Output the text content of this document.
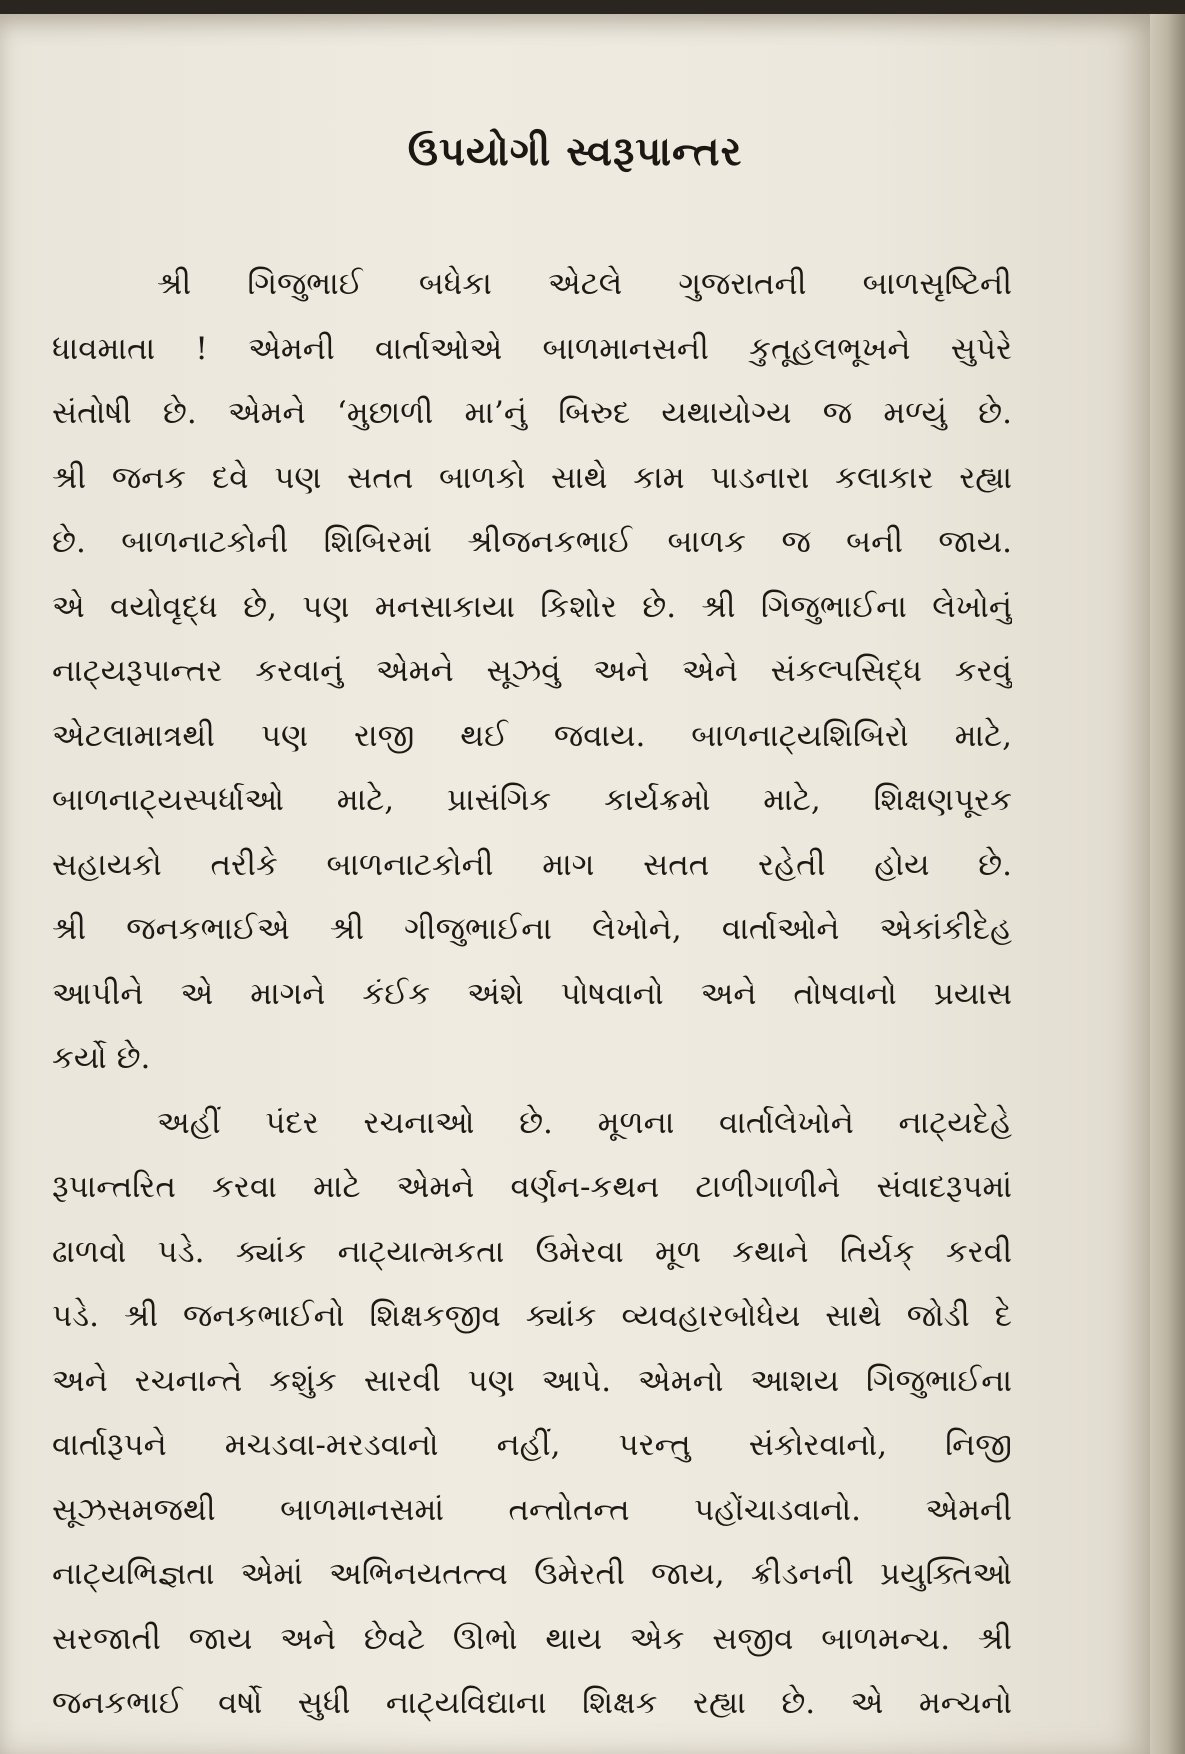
ઉપયોગી સ્વરૂપાન્તર
શ્રી ગિજુભાઈ બધેકા એટલે ગુજરાતની બાળસૃષ્ટિની
ધાવમાતા ! એમની વાર્તાઓએ બાળમાનસની કુતૂહલભૂખને સુપેરે
સંતોષી છે. એમને ‘મુછાળી મા’નું બિરુદ યથાયોગ્ય જ મળ્યું છે.
શ્રી જનક દવે પણ સતત બાળકો સાથે કામ પાડનારા કલાકાર રહ્યા
છે. બાળનાટકોની શિબિરમાં શ્રીજનકભાઈ બાળક જ બની જાય.
એ વયોવૃદ્ધ છે, પણ મનસાકાયા કિશોર છે. શ્રી ગિજુભાઈના લેખોનું
નાટ્યરૂપાન્તર કરવાનું એમને સૂઝવું અને એને સંકલ્પસિદ્ધ કરવું
એટલામાત્રથી પણ રાજી થઈ જવાય. બાળનાટ્યશિબિરો માટે,
બાળનાટ્યસ્પર્ધાઓ માટે, પ્રાસંગિક કાર્યક્રમો માટે, શિક્ષણપૂરક
સહાયકો તરીકે બાળનાટકોની માગ સતત રહેતી હોય છે.
શ્રી જનકભાઈએ શ્રી ગીજુભાઈના લેખોને, વાર્તાઓને એકાંકીદેહ
આપીને એ માગને કંઈક અંશે પોષવાનો અને તોષવાનો પ્રયાસ
કર્યો છે.
અહીં પંદર રચનાઓ છે. મૂળના વાર્તાલેખોને નાટ્યદેહે
રૂપાન્તરિત કરવા માટે એમને વર્ણન-કથન ટાળીગાળીને સંવાદરૂપમાં
ઢાળવો પડે. ક્યાંક નાટ્યાત્મકતા ઉમેરવા મૂળ કથાને તિર્યક્ કરવી
પડે. શ્રી જનકભાઈનો શિક્ષકજીવ ક્યાંક વ્યવહારબોધેય સાથે જોડી દે
અને રચનાન્તે કશુંક સારવી પણ આપે. એમનો આશય ગિજુભાઈના
વાર્તારૂપને મચડવા-મરડવાનો નહીં, પરન્તુ સંકોરવાનો, નિજી
સૂઝસમજથી બાળમાનસમાં તન્તોતન્ત પહોંચાડવાનો. એમની
નાટ્યભિજ્ઞતા એમાં અભિનયતત્ત્વ ઉમેરતી જાય, ક્રીડનની પ્રયુક્તિઓ
સરજાતી જાય અને છેવટે ઊભો થાય એક સજીવ બાળમન્ચ. શ્રી
જનકભાઈ વર્ષો સુધી નાટ્યવિદ્યાના શિક્ષક રહ્યા છે. એ મન્ચનો
